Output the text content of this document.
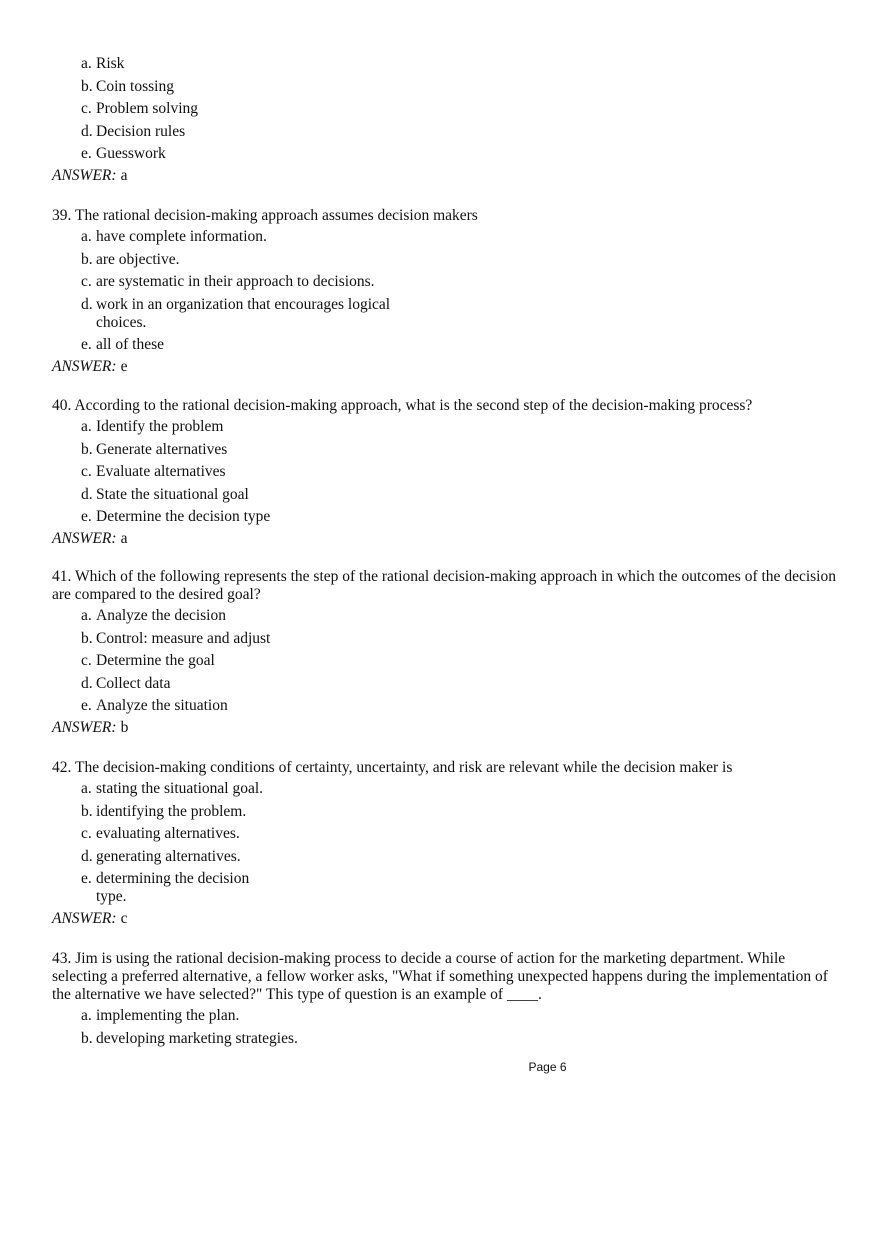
a. Risk
b. Coin tossing
c. Problem solving
d. Decision rules
e. Guesswork
ANSWER: a

39. The rational decision-making approach assumes decision makers

a. have complete information.
b. are objective.
c. are systematic in their approach to decisions.
d. work in an organization that encourages logical choices.
e. all of these
ANSWER: e

40. According to the rational decision-making approach, what is the second step of the decision-making process?

a. Identify the problem
b. Generate alternatives
c. Evaluate alternatives
d. State the situational goal
e. Determine the decision type
ANSWER: a

41. Which of the following represents the step of the rational decision-making approach in which the outcomes of the decision are compared to the desired goal?

a. Analyze the decision
b. Control: measure and adjust
c. Determine the goal
d. Collect data
e. Analyze the situation
ANSWER: b

42. The decision-making conditions of certainty, uncertainty, and risk are relevant while the decision maker is

a. stating the situational goal.
b. identifying the problem.
c. evaluating alternatives.
d. generating alternatives.
e. determining the decision type.
ANSWER: c

43. Jim is using the rational decision-making process to decide a course of action for the marketing department. While selecting a preferred alternative, a fellow worker asks, "What if something unexpected happens during the implementation of the alternative we have selected?" This type of question is an example of ____.

a. implementing the plan.
b. developing marketing strategies.
Page 6
